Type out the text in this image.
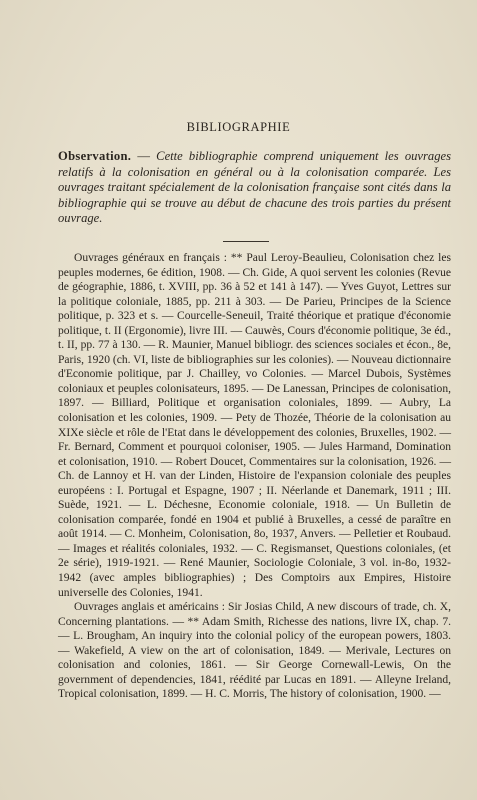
BIBLIOGRAPHIE
Observation. — Cette bibliographie comprend uniquement les ouvrages relatifs à la colonisation en général ou à la colonisation comparée. Les ouvrages traitant spécialement de la colonisation française sont cités dans la bibliographie qui se trouve au début de chacune des trois parties du présent ouvrage.

Ouvrages généraux en français : ** Paul Leroy-Beaulieu, Colonisation chez les peuples modernes, 6e édition, 1908. — Ch. Gide, A quoi servent les colonies (Revue de géographie, 1886, t. XVIII, pp. 36 à 52 et 141 à 147). — Yves Guyot, Lettres sur la politique coloniale, 1885, pp. 211 à 303. — De Parieu, Principes de la Science politique, p. 323 et s. — Courcelle-Seneuil, Traité théorique et pratique d'économie politique, t. II (Ergonomie), livre III. — Cauwès, Cours d'économie politique, 3e éd., t. II, pp. 77 à 130. — R. Maunier, Manuel bibliogr. des sciences sociales et écon., 8e, Paris, 1920 (ch. VI, liste de bibliographies sur les colonies). — Nouveau dictionnaire d'Economie politique, par J. Chailley, vo Colonies. — Marcel Dubois, Systèmes coloniaux et peuples colonisateurs, 1895. — De Lanessan, Principes de colonisation, 1897. — Billiard, Politique et organisation coloniales, 1899. — Aubry, La colonisation et les colonies, 1909. — Pety de Thozée, Théorie de la colonisation au XIXe siècle et rôle de l'Etat dans le développement des colonies, Bruxelles, 1902. — Fr. Bernard, Comment et pourquoi coloniser, 1905. — Jules Harmand, Domination et colonisation, 1910. — Robert Doucet, Commentaires sur la colonisation, 1926. — Ch. de Lannoy et H. van der Linden, Histoire de l'expansion coloniale des peuples européens : I. Portugal et Espagne, 1907 ; II. Néerlande et Danemark, 1911 ; III. Suède, 1921. — L. Déchesne, Economie coloniale, 1918. — Un Bulletin de colonisation comparée, fondé en 1904 et publié à Bruxelles, a cessé de paraître en août 1914. — C. Monheim, Colonisation, 8o, 1937, Anvers. — Pelletier et Roubaud. — Images et réalités coloniales, 1932. — C. Regismanset, Questions coloniales, (et 2e série), 1919-1921. — René Maunier, Sociologie Coloniale, 3 vol. in-8o, 1932-1942 (avec amples bibliographies) ; Des Comptoirs aux Empires, Histoire universelle des Colonies, 1941.

Ouvrages anglais et américains : Sir Josias Child, A new discours of trade, ch. X, Concerning plantations. — ** Adam Smith, Richesse des nations, livre IX, chap. 7. — L. Brougham, An inquiry into the colonial policy of the european powers, 1803. — Wakefield, A view on the art of colonisation, 1849. — Merivale, Lectures on colonisation and colonies, 1861. — Sir George Cornewall-Lewis, On the government of dependencies, 1841, réédité par Lucas en 1891. — Alleyne Ireland, Tropical colonisation, 1899. — H. C. Morris, The history of colonisation, 1900. —
